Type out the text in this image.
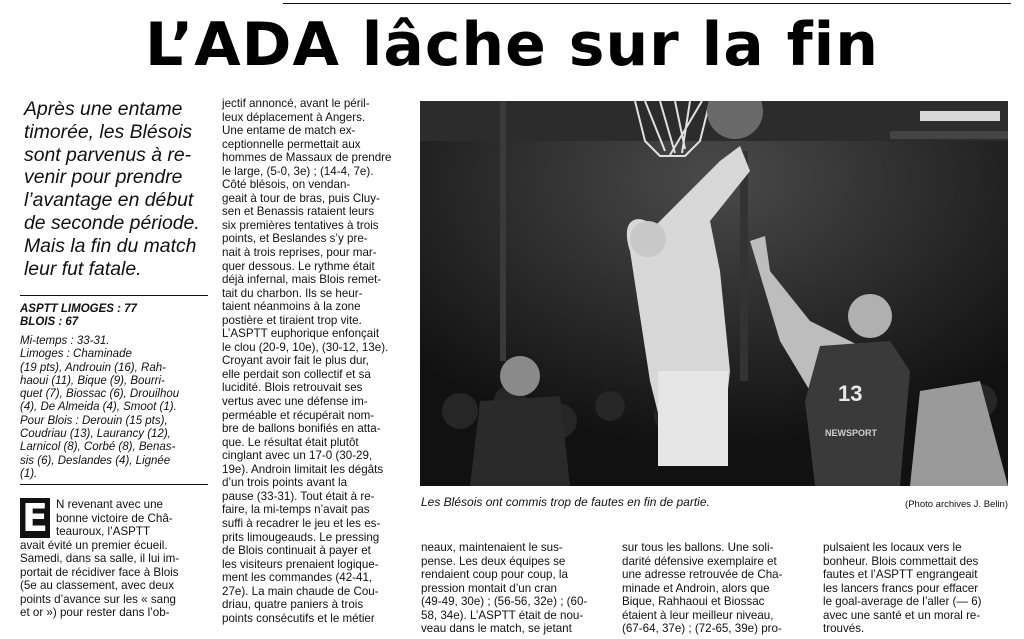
L’ADA lâche sur la fin
Après une entame
timorée, les Blésois
sont parvenus à re-
venir pour prendre
l’avantage en début
de seconde période.
Mais la fin du match
leur fut fatale.
ASPTT LIMOGES : 77
BLOIS : 67
Mi-temps : 33-31.
Limoges : Chaminade
(19 pts), Androuin (16), Rah-
haoui (11), Bique (9), Bourri-
quet (7), Biossac (6), Drouilhou
(4), De Almeida (4), Smoot (1).
Pour Blois : Derouin (15 pts),
Coudriau (13), Laurancy (12),
Larnicol (8), Corbé (8), Benas-
sis (6), Deslandes (4), Lignée
(1).
E N revenant avec une
bonne victoire de Châ-
teauroux, l’ASPTT
avait évité un premier écueil.
Samedi, dans sa salle, il lui im-
portait de récidiver face à Blois
(5e au classement, avec deux
points d’avance sur les « sang
et or ») pour rester dans l’ob-
jectif annoncé, avant le péril-
leux déplacement à Angers.
Une entame de match ex-
ceptionnelle permettait aux
hommes de Massaux de prendre
le large, (5-0, 3e) ; (14-4, 7e).
Côté blésois, on vendan-
geait à tour de bras, puis Cluy-
sen et Benassis rataient leurs
six premières tentatives à trois
points, et Beslandes s’y pre-
nait à trois reprises, pour mar-
quer dessous. Le rythme était
déjà infernal, mais Blois remet-
tait du charbon. Ils se heur-
taient néanmoins à la zone
postière et tiraient trop vite.
L’ASPTT euphorique enfonçait
le clou (20-9, 10e), (30-12, 13e).
Croyant avoir fait le plus dur,
elle perdait son collectif et sa
lucidité. Blois retrouvait ses
vertus avec une défense im-
perméable et récupérait nom-
bre de ballons bonifiés en atta-
que. Le résultat était plutôt
cinglant avec un 17-0 (30-29,
19e). Androin limitait les dégâts
d’un trois points avant la
pause (33-31). Tout était à re-
faire, la mi-temps n’avait pas
suffi à recadrer le jeu et les es-
prits limougeauds. Le pressing
de Blois continuait à payer et
les visiteurs prenaient logique-
ment les commandes (42-41,
27e). La main chaude de Cou-
driau, quatre paniers à trois
points consécutifs et le métier
13
NEWSPORT
Les Blésois ont commis trop de fautes en fin de partie.	(Photo archives J. Belin)
neaux, maintenaient le sus-
pense. Les deux équipes se
rendaient coup pour coup, la
pression montait d’un cran
(49-49, 30e) ; (56-56, 32e) ; (60-
58, 34e). L’ASPTT était de nou-
veau dans le match, se jetant
sur tous les ballons. Une soli-
darité défensive exemplaire et
une adresse retrouvée de Cha-
minade et Androin, alors que
Bique, Rahhaoui et Biossac
étaient à leur meilleur niveau,
(67-64, 37e) ; (72-65, 39e) pro-
pulsaient les locaux vers le
bonheur. Blois commettait des
fautes et l’ASPTT engrangeait
les lancers francs pour effacer
le goal-average de l’aller (— 6)
avec une santé et un moral re-
trouvés.
